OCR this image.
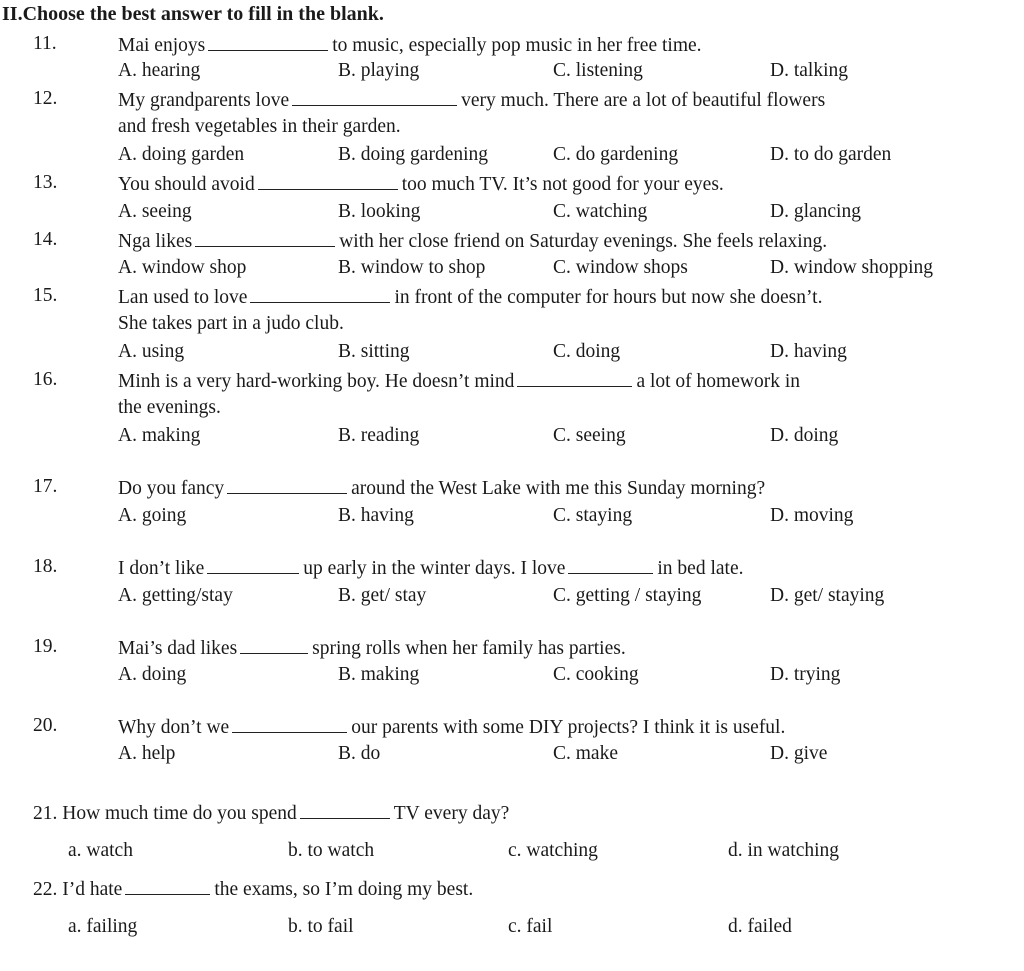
II.Choose the best answer to fill in the blank.
11.	Mai enjoys	to music, especially pop music in her free time.
A. hearing	B. playing	C. listening	D. talking
12.	My grandparents love	very much. There are a lot of beautiful flowers
and fresh vegetables in their garden.
A. doing garden	B. doing gardening	C. do gardening	D. to do garden
13.	You should avoid	too much TV. It’s not good for your eyes.
A. seeing	B. looking	C. watching	D. glancing
14.	Nga likes	with her close friend on Saturday evenings. She feels relaxing.
A. window shop	B. window to shop	C. window shops	D. window shopping
15.	Lan used to love	in front of the computer for hours but now she doesn’t.
She takes part in a judo club.
A. using	B. sitting	C. doing	D. having
16.	Minh is a very hard-working boy. He doesn’t mind	a lot of homework in
the evenings.
A. making	B. reading	C. seeing	D. doing
17.	Do you fancy	around the West Lake with me this Sunday morning?
A. going	B. having	C. staying	D. moving
18.	I don’t like	up early in the winter days. I love	in bed late.
A. getting/stay	B. get/ stay	C. getting / staying	D. get/ staying
19.	Mai’s dad likes	spring rolls when her family has parties.
A. doing	B. making	C. cooking	D. trying
20.	Why don’t we	our parents with some DIY projects? I think it is useful.
A. help	B. do	C. make	D. give
21. How much time do you spend	TV every day?
a. watch	b. to watch	c. watching	d. in watching
22. I’d hate	the exams, so I’m doing my best.
a. failing	b. to fail	c. fail	d. failed
